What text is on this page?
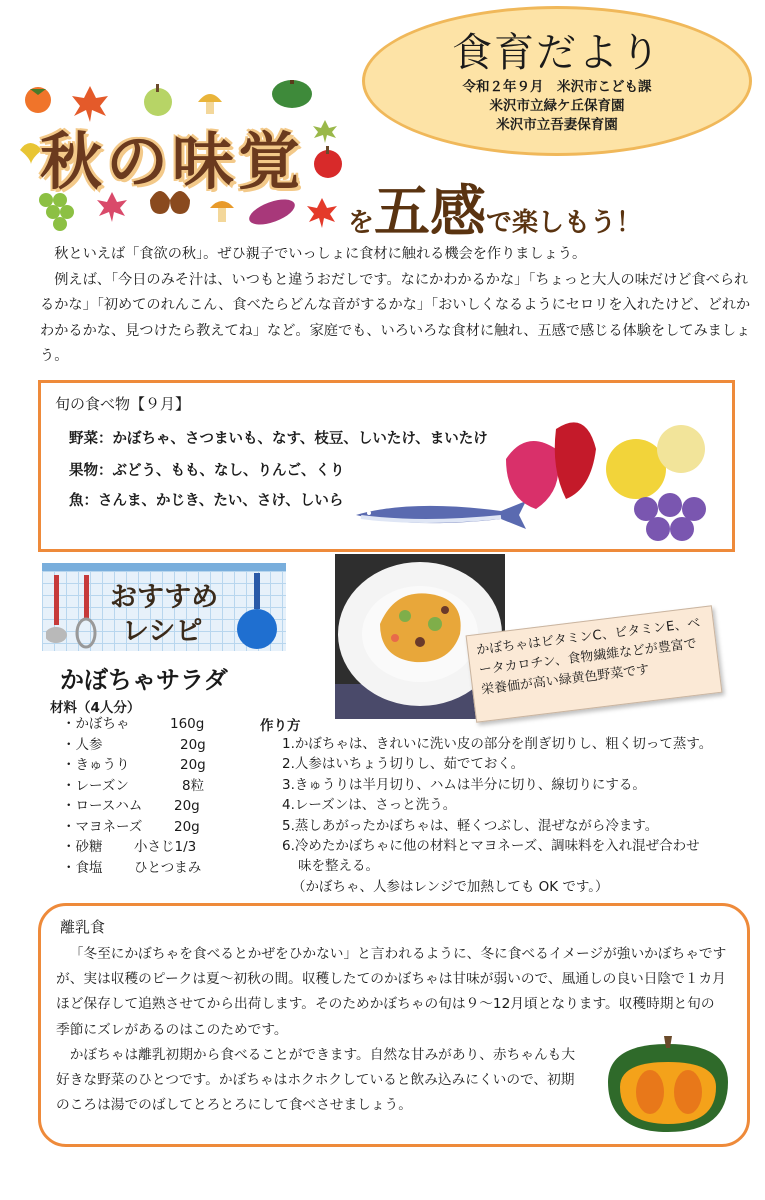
食育だより
令和２年９月　米沢市こども課
米沢市立緑ケ丘保育園
米沢市立吾妻保育園
秋の味覚
を五感で楽しもう！

秋といえば「食欲の秋」。ぜひ親子でいっしょに食材に触れる機会を作りましょう。

例えば、「今日のみそ汁は、いつもと違うおだしです。なにかわかるかな」「ちょっと大人の味だけど食べられるかな」「初めてのれんこん、食べたらどんな音がするかな」「おいしくなるようにセロリを入れたけど、どれかわかるかな、見つけたら教えてね」など。家庭でも、いろいろな食材に触れ、五感で感じる体験をしてみましょう。

旬の食べ物【９月】
野菜：かぼちゃ、さつまいも、なす、枝豆、しいたけ、まいたけ
果物：ぶどう、もも、なし、りんご、くり
魚：さんま、かじき、たい、さけ、しいら
おすすめ
レシピ	かぼちゃはビタミンC、ビタミンE、ベータカロチン、食物繊維などが豊富で栄養価が高い緑黄色野菜です
かぼちゃサラダ
材料（4人分）
・かぼちゃ	160g
・人参	20g
・きゅうり	20g
・レーズン	8粒
・ロースハム 20g
・マヨネーズ 20g
・砂糖 小さじ1/3
・食塩 ひとつまみ
作り方
1.かぼちゃは、きれいに洗い皮の部分を削ぎ切りし、粗く切って蒸す。
2.人参はいちょう切りし、茹でておく。
3.きゅうりは半月切り、ハムは半分に切り、線切りにする。
4.レーズンは、さっと洗う。
5.蒸しあがったかぼちゃは、軽くつぶし、混ぜながら冷ます。
6.冷めたかぼちゃに他の材料とマヨネーズ、調味料を入れ混ぜ合わせ
味を整える。
（かぼちゃ、人参はレンジで加熱しても OK です。）
離乳食

「冬至にかぼちゃを食べるとかぜをひかない」と言われるように、冬に食べるイメージが強いかぼちゃですが、実は収穫のピークは夏～初秋の間。収穫したてのかぼちゃは甘味が弱いので、風通しの良い日陰で１カ月ほど保存して追熟させてから出荷します。そのためかぼちゃの旬は９～12月頃となります。収穫時期と旬の季節にズレがあるのはこのためです。

かぼちゃは離乳初期から食べることができます。自然な甘みがあり、赤ちゃんも大好きな野菜のひとつです。かぼちゃはホクホクしていると飲み込みにくいので、初期のころは湯でのばしてとろとろにして食べさせましょう。
